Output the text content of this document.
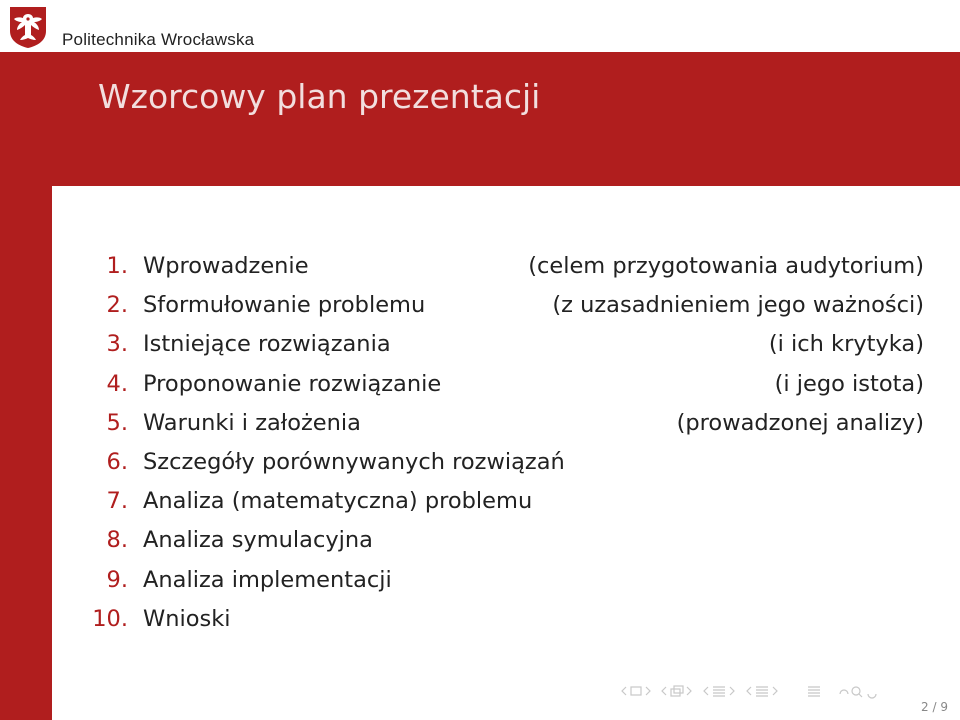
Politechnika Wrocławska
Wzorcowy plan prezentacji
1. Wprowadzenie	(celem przygotowania audytorium)
2. Sformułowanie problemu	(z uzasadnieniem jego ważności)
3. Istniejące rozwiązania	(i ich krytyka)
4. Proponowanie rozwiązanie	(i jego istota)
5. Warunki i założenia	(prowadzonej analizy)
6. Szczegóły porównywanych rozwiązań
7. Analiza (matematyczna) problemu
8. Analiza symulacyjna
9. Analiza implementacji
10. Wnioski
2 / 9
